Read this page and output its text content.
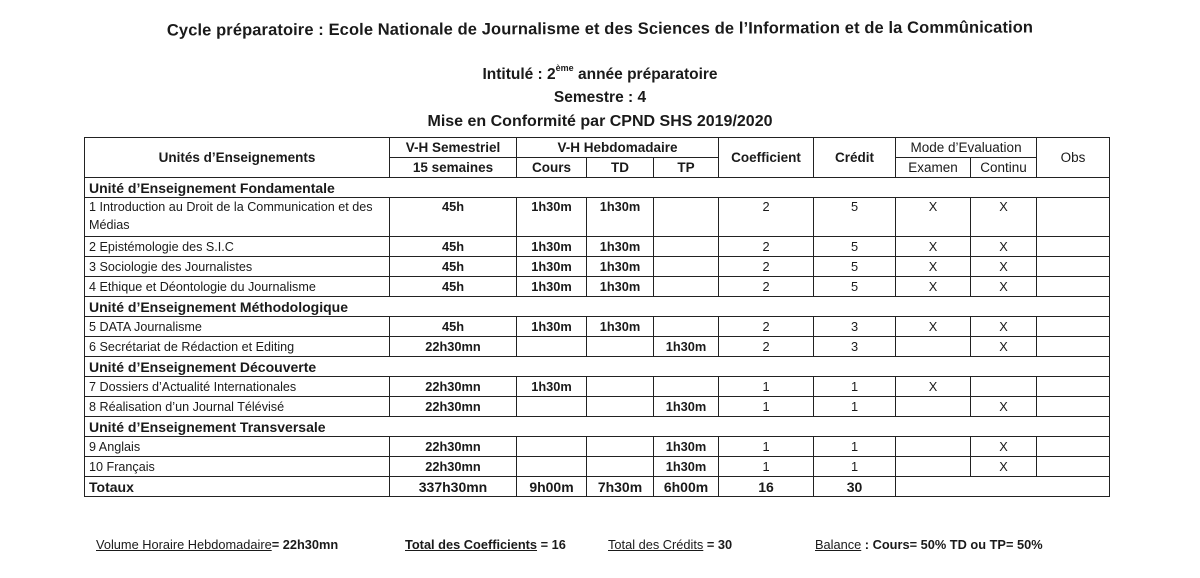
Cycle préparatoire : Ecole Nationale de Journalisme et des Sciences de l’Information et de la Commûnication
Intitulé : 2ème année préparatoire
Semestre : 4
Mise en Conformité par CPND SHS 2019/2020
Unités d’Enseignements	V-H Semestriel	V-H Hebdomadaire			Coefficient	Crédit	Mode d’Evaluation		Obs
	15 semaines	Cours	TD	TP			Examen	Continu	
Unité d’Enseignement Fondamentale									
1 Introduction au Droit de la Communication et des Médias	45h	1h30m	1h30m		2	5	X	X	
2 Epistémologie des S.I.C	45h	1h30m	1h30m		2	5	X	X	
3 Sociologie des Journalistes	45h	1h30m	1h30m		2	5	X	X	
4 Ethique et Déontologie du Journalisme	45h	1h30m	1h30m		2	5	X	X	
Unité d’Enseignement Méthodologique									
5 DATA Journalisme	45h	1h30m	1h30m		2	3	X	X	
6 Secrétariat de Rédaction et Editing	22h30mn			1h30m	2	3		X	
Unité d’Enseignement Découverte									
7 Dossiers d’Actualité Internationales	22h30mn	1h30m			1	1	X		
8 Réalisation d’un Journal Télévisé	22h30mn			1h30m	1	1		X	
Unité d’Enseignement Transversale									
9 Anglais	22h30mn			1h30m	1	1		X	
10 Français	22h30mn			1h30m	1	1		X	
Totaux	337h30mn	9h00m	7h30m	6h00m	16	30			
Volume Horaire Hebdomadaire= 22h30mn	Total des Coefficients = 16	Total des Crédits = 30	Balance : Cours= 50% TD ou TP= 50%
